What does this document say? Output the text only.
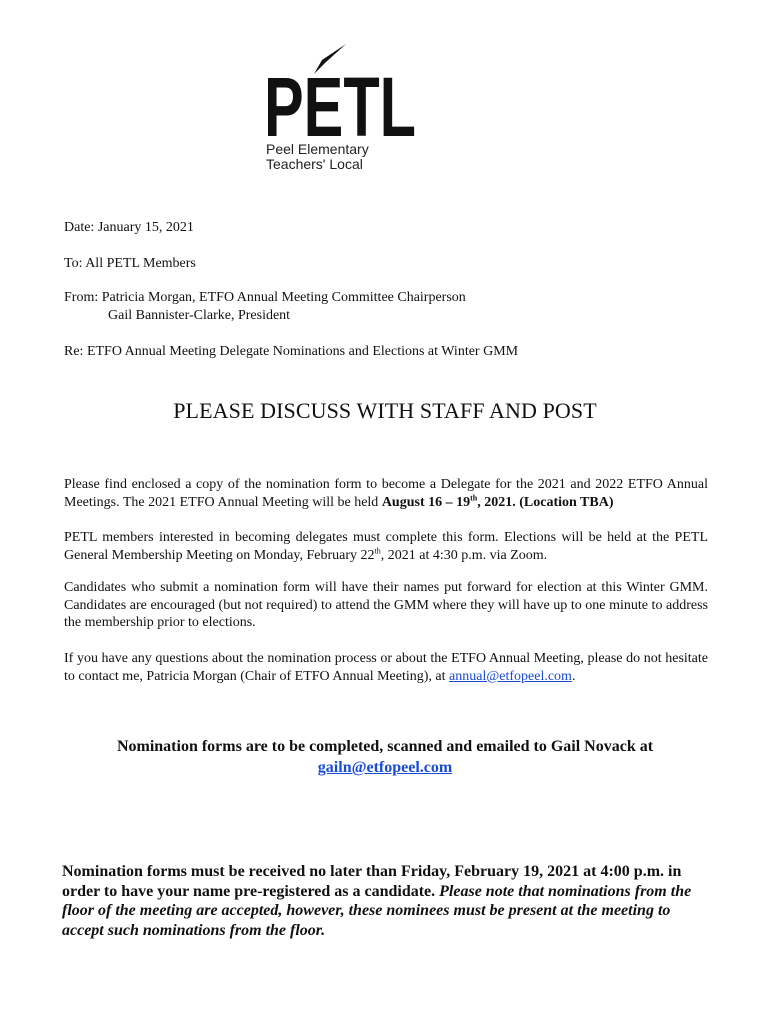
PETL
Peel Elementary
Teachers' Local
Date: January 15, 2021
To: All PETL Members
From: Patricia Morgan, ETFO Annual Meeting Committee Chairperson
Gail Bannister-Clarke, President
Re: ETFO Annual Meeting Delegate Nominations and Elections at Winter GMM
PLEASE DISCUSS WITH STAFF AND POST
Please find enclosed a copy of the nomination form to become a Delegate for the 2021 and 2022 ETFO Annual Meetings. The 2021 ETFO Annual Meeting will be held August 16 – 19th, 2021. (Location TBA)
PETL members interested in becoming delegates must complete this form. Elections will be held at the PETL General Membership Meeting on Monday, February 22th, 2021 at 4:30 p.m. via Zoom.
Candidates who submit a nomination form will have their names put forward for election at this Winter GMM. Candidates are encouraged (but not required) to attend the GMM where they will have up to one minute to address the membership prior to elections.
If you have any questions about the nomination process or about the ETFO Annual Meeting, please do not hesitate to contact me, Patricia Morgan (Chair of ETFO Annual Meeting), at annual@etfopeel.com.
Nomination forms are to be completed, scanned and emailed to Gail Novack at
gailn@etfopeel.com
Nomination forms must be received no later than Friday, February 19, 2021 at 4:00 p.m. in order to have your name pre-registered as a candidate. Please note that nominations from the floor of the meeting are accepted, however, these nominees must be present at the meeting to accept such nominations from the floor.
